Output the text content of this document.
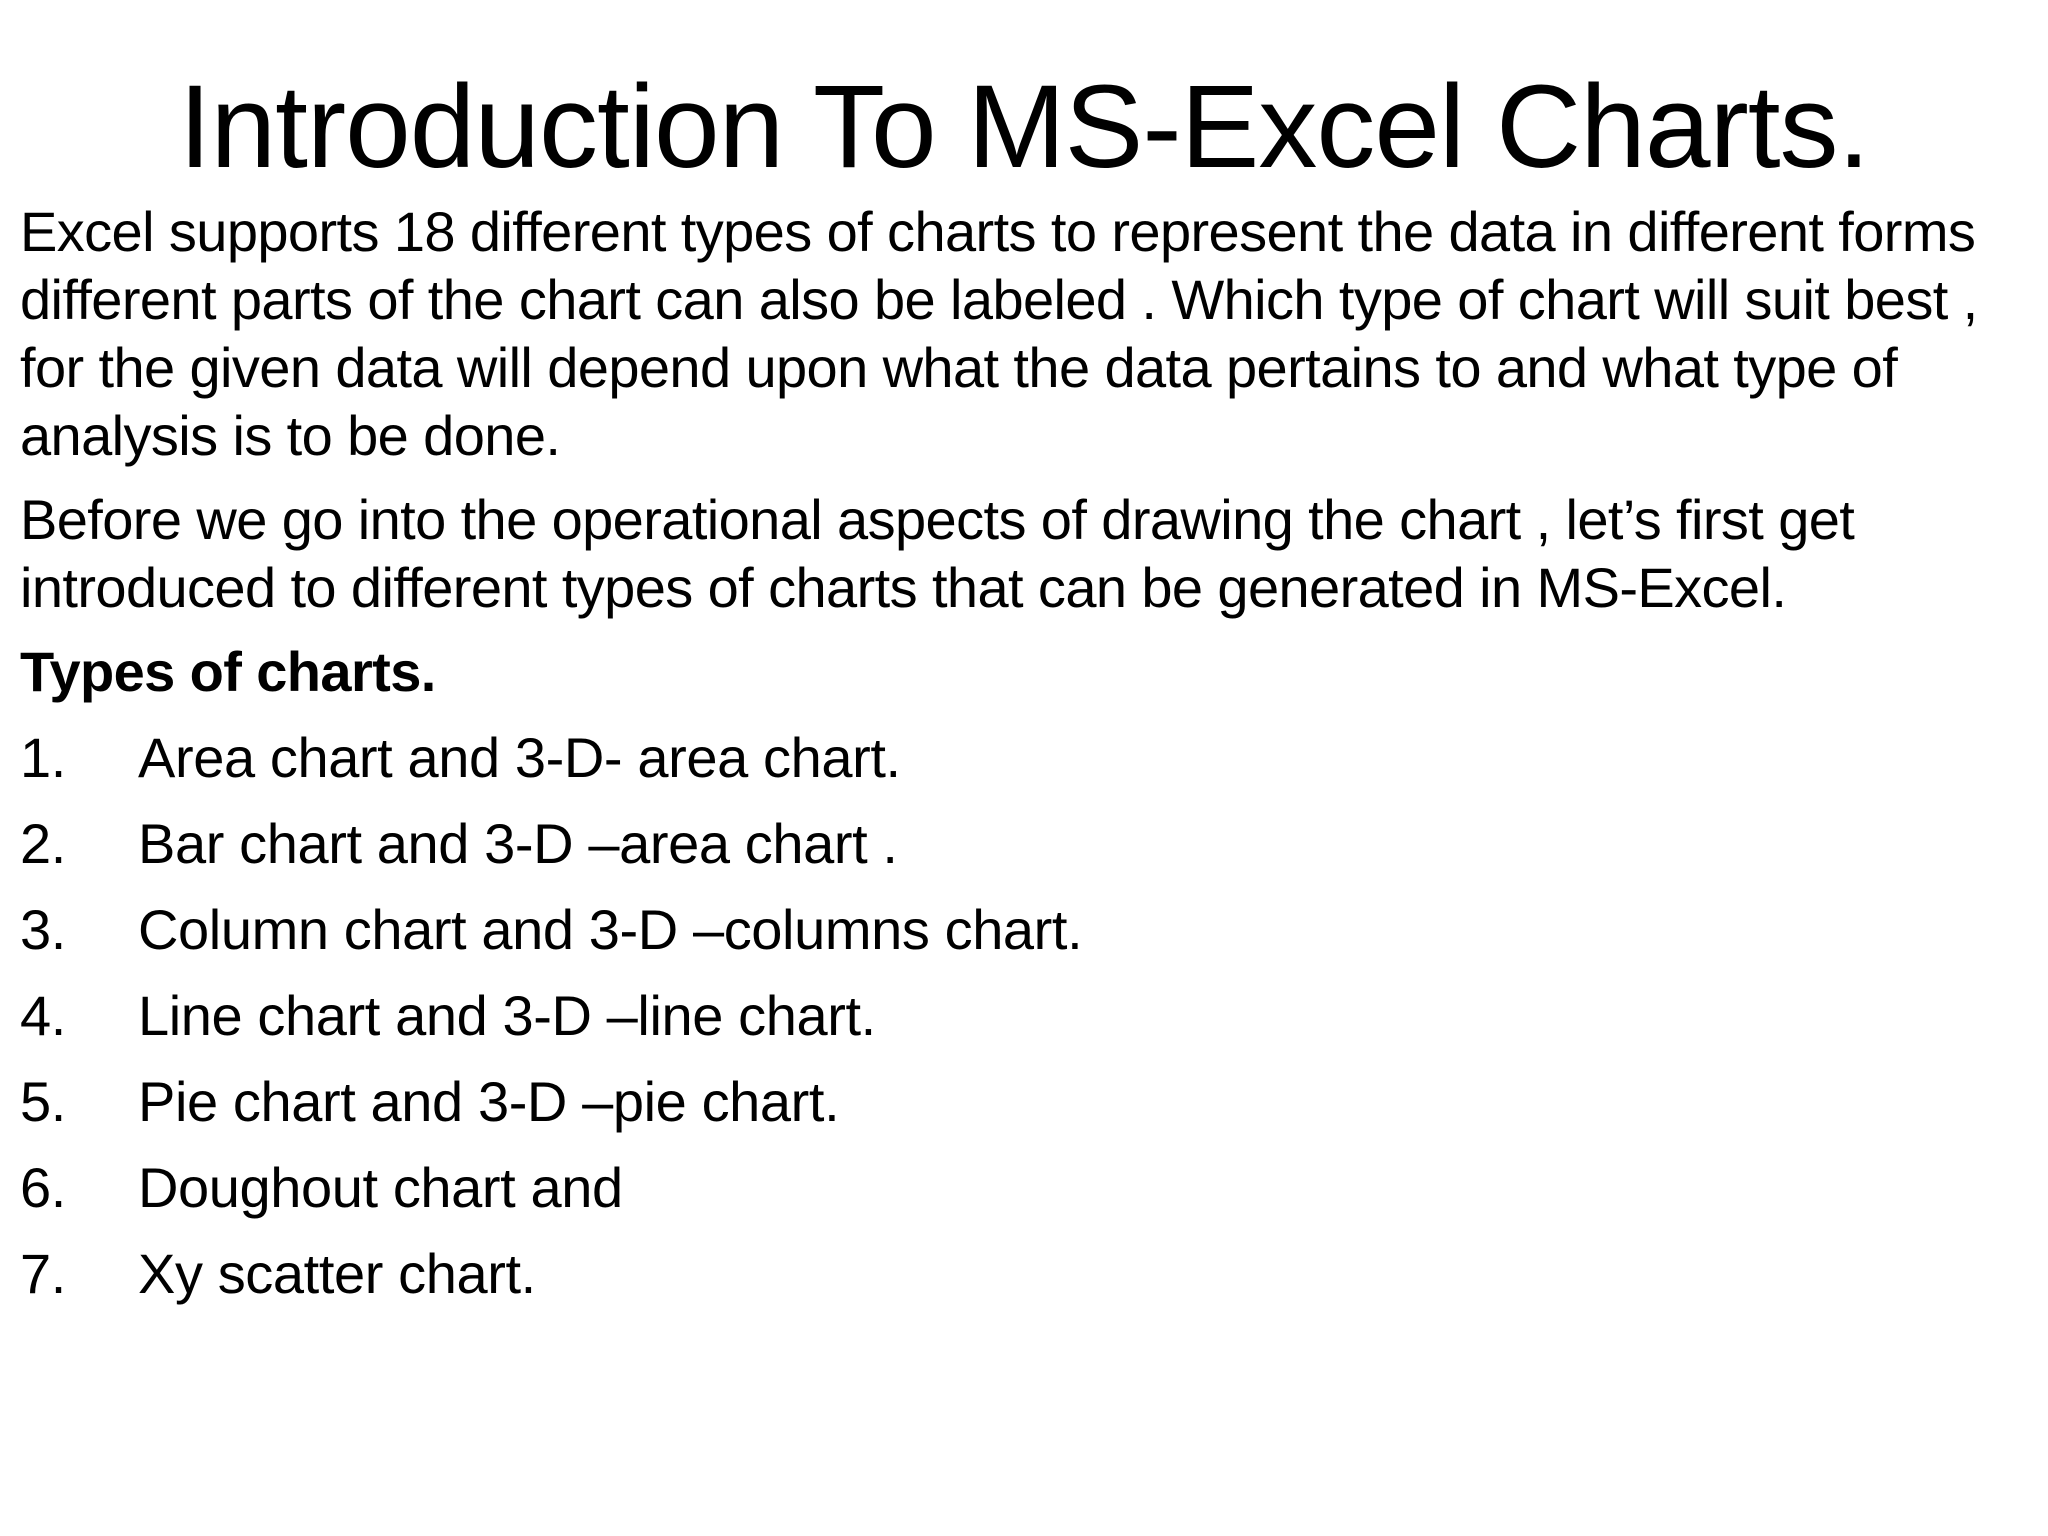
Introduction To MS-Excel Charts.

Excel supports 18 different types of charts to represent the data in different forms different parts of the chart can also be labeled . Which type of chart will suit best , for the given data will depend upon what the data pertains to and what type of analysis is to be done.

Before we go into the operational aspects of drawing the chart , let’s first get introduced to different types of charts that can be generated in MS-Excel.

Types of charts.
1. Area chart and 3-D- area chart.
2. Bar chart and 3-D –area chart .
3. Column chart and 3-D –columns chart.
4. Line chart and 3-D –line chart.
5. Pie chart and 3-D –pie chart.
6. Doughout chart and
7. Xy scatter chart.
